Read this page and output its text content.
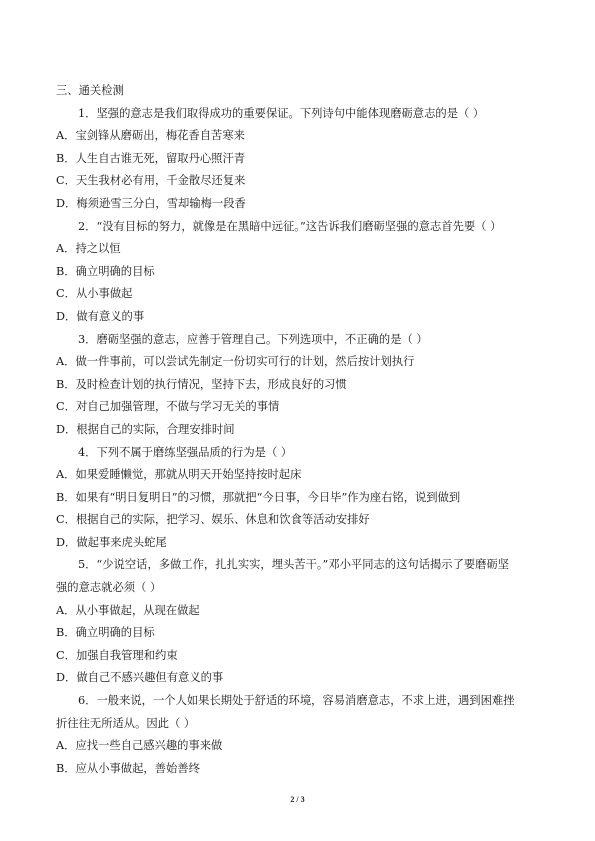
三、通关检测
1．坚强的意志是我们取得成功的重要保证。下列诗句中能体现磨砺意志的是（ ）
A．宝剑锋从磨砺出，梅花香自苦寒来
B．人生自古谁无死，留取丹心照汗青
C．天生我材必有用，千金散尽还复来
D．梅须逊雪三分白，雪却输梅一段香
2．“没有目标的努力，就像是在黑暗中远征。”这告诉我们磨砺坚强的意志首先要（ ）
A．持之以恒
B．确立明确的目标
C．从小事做起
D．做有意义的事
3．磨砺坚强的意志，应善于管理自己。下列选项中，不正确的是（ ）
A．做一件事前，可以尝试先制定一份切实可行的计划，然后按计划执行
B．及时检查计划的执行情况，坚持下去，形成良好的习惯
C．对自己加强管理，不做与学习无关的事情
D．根据自己的实际，合理安排时间
4．下列不属于磨练坚强品质的行为是（ ）
A．如果爱睡懒觉，那就从明天开始坚持按时起床
B．如果有“明日复明日”的习惯，那就把“今日事，今日毕”作为座右铭，说到做到
C．根据自己的实际，把学习、娱乐、休息和饮食等活动安排好
D．做起事来虎头蛇尾
5．“少说空话，多做工作，扎扎实实，埋头苦干。”邓小平同志的这句话揭示了要磨砺坚
强的意志就必须（ ）
A．从小事做起，从现在做起
B．确立明确的目标
C．加强自我管理和约束
D．做自己不感兴趣但有意义的事
6．一般来说，一个人如果长期处于舒适的环境，容易消磨意志，不求上进，遇到困难挫
折往往无所适从。因此（ ）
A．应找一些自己感兴趣的事来做
B．应从小事做起，善始善终
2 / 3
